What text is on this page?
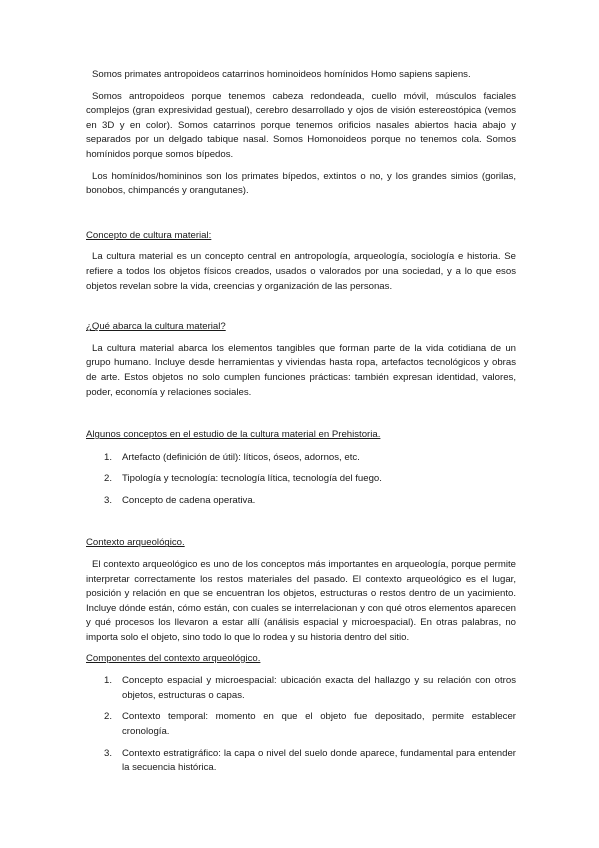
Somos primates antropoideos catarrinos hominoideos homínidos Homo sapiens sapiens.

Somos antropoideos porque tenemos cabeza redondeada, cuello móvil, músculos faciales complejos (gran expresividad gestual), cerebro desarrollado y ojos de visión estereostópica (vemos en 3D y en color). Somos catarrinos porque tenemos orificios nasales abiertos hacia abajo y separados por un delgado tabique nasal. Somos Homonoideos porque no tenemos cola. Somos homínidos porque somos bípedos.

Los homínidos/homininos son los primates bípedos, extintos o no, y los grandes simios (gorilas, bonobos, chimpancés y orangutanes).

Concepto de cultura material:

La cultura material es un concepto central en antropología, arqueología, sociología e historia. Se refiere a todos los objetos físicos creados, usados o valorados por una sociedad, y a lo que esos objetos revelan sobre la vida, creencias y organización de las personas.

¿Qué abarca la cultura material?

La cultura material abarca los elementos tangibles que forman parte de la vida cotidiana de un grupo humano. Incluye desde herramientas y viviendas hasta ropa, artefactos tecnológicos y obras de arte. Estos objetos no solo cumplen funciones prácticas: también expresan identidad, valores, poder, economía y relaciones sociales.

Algunos conceptos en el estudio de la cultura material en Prehistoria.

1. Artefacto (definición de útil): líticos, óseos, adornos, etc.
2. Tipología y tecnología: tecnología lítica, tecnología del fuego.
3. Concepto de cadena operativa.

Contexto arqueológico.

El contexto arqueológico es uno de los conceptos más importantes en arqueología, porque permite interpretar correctamente los restos materiales del pasado. El contexto arqueológico es el lugar, posición y relación en que se encuentran los objetos, estructuras o restos dentro de un yacimiento. Incluye dónde están, cómo están, con cuales se interrelacionan y con qué otros elementos aparecen y qué procesos los llevaron a estar allí (análisis espacial y microespacial). En otras palabras, no importa solo el objeto, sino todo lo que lo rodea y su historia dentro del sitio.

Componentes del contexto arqueológico.

1. Concepto espacial y microespacial: ubicación exacta del hallazgo y su relación con otros objetos, estructuras o capas.
2. Contexto temporal: momento en que el objeto fue depositado, permite establecer cronología.
3. Contexto estratigráfico: la capa o nivel del suelo donde aparece, fundamental para entender la secuencia histórica.
